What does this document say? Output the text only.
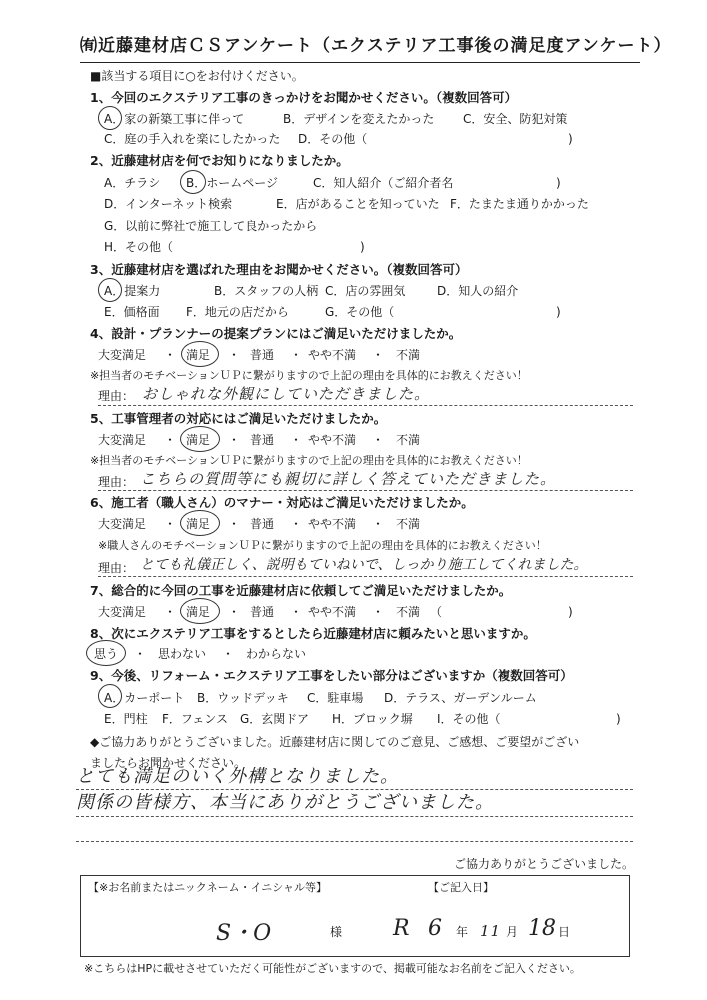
㈲近藤建材店ＣＳアンケート（エクステリア工事後の満足度アンケート）
■該当する項目に○をお付けください。
1、今回のエクステリア工事のきっかけをお聞かせください。（複数回答可）
A．家の新築工事に伴って	B．デザインを変えたかった C．安全、防犯対策
C．庭の手入れを楽にしたかった D．その他（	)
2、近藤建材店を何でお知りになりましたか。
A．チラシ B．ホームページ	C．知人紹介（ご紹介者名	)
D．インターネット検索	E．店があることを知っていた F．たまたま通りかかった
G．以前に弊社で施工して良かったから
H．その他（	)
3、近藤建材店を選ばれた理由をお聞かせください。（複数回答可）
A．提案力	B．スタッフの人柄 C．店の雰囲気	D．知人の紹介
E．価格面 F．地元の店だから	G．その他（	)
4、設計・プランナーの提案プランにはご満足いただけましたか。
大変満足 ・ 満足 ・ 普通 ・ やや不満 ・ 不満
※担当者のモチベーションＵＰに繋がりますので上記の理由を具体的にお教えください！
理由： おしゃれな外観にしていただきました。
5、工事管理者の対応にはご満足いただけましたか。
大変満足 ・ 満足 ・ 普通 ・ やや不満 ・ 不満
※担当者のモチベーションＵＰに繋がりますので上記の理由を具体的にお教えください！
理由： こちらの質問等にも親切に詳しく答えていただきました。
6、施工者（職人さん）のマナー・対応はご満足いただけましたか。
大変満足 ・ 満足 ・ 普通 ・ やや不満 ・ 不満
※職人さんのモチベーションＵＰに繋がりますので上記の理由を具体的にお教えください！
理由： とても礼儀正しく、説明もていねいで、しっかり施工してくれました。
7、総合的に今回の工事を近藤建材店に依頼してご満足いただけましたか。
大変満足 ・ 満足 ・ 普通 ・ やや不満 ・ 不満 （	)
8、次にエクステリア工事をするとしたら近藤建材店に頼みたいと思いますか。
思う ・ 思わない ・ わからない
9、今後、リフォーム・エクステリア工事をしたい部分はございますか（複数回答可）
A．カーポート B．ウッドデッキ C．駐車場 D．テラス、ガーデンルーム
E．門柱 F．フェンス G．玄関ドア H．ブロック塀 I．その他（	)
◆ご協力ありがとうございました。近藤建材店に関してのご意見、ご感想、ご要望がござい
ましたらお聞かせください。
とても満足のいく外構となりました。
関係の皆様方、本当にありがとうございました。
ご協力ありがとうございました。
【※お名前またはニックネーム・イニシャル等】	【ご記入日】
S・O	様 R 6 年 11 月 18 日
※こちらはHPに載せさせていただく可能性がございますので、掲載可能なお名前をご記入ください。
